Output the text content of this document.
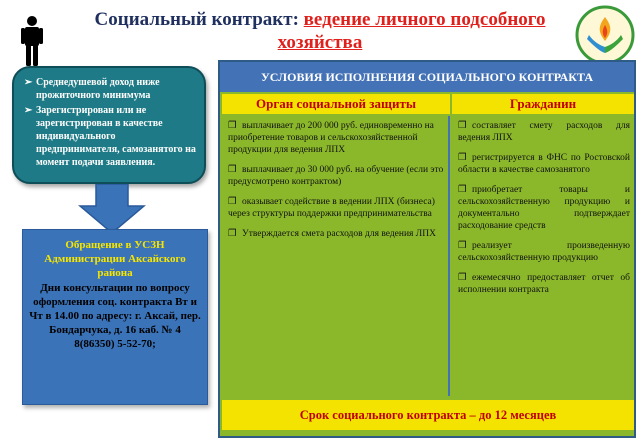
Социальный контракт: ведение личного подсобного хозяйства
➢ Среднедушевой доход ниже прожиточного минимума
➢ Зарегистрирован или не зарегистрирован в качестве индивидуального предпринимателя, самозанятого на момент подачи заявления.
Обращение в УСЗН Администрации Аксайского района
Дни консультации по вопросу оформления соц. контракта Вт и Чт в 14.00 по адресу: г. Аксай, пер. Бондарчука, д. 16 каб. № 4 8(86350) 5-52-70;
УСЛОВИЯ ИСПОЛНЕНИЯ СОЦИАЛЬНОГО КОНТРАКТА
Орган социальной защиты	Гражданин
❒ выплачивает до 200 000 руб. единовременно на приобретение товаров и сельскохозяйственной продукции для ведения ЛПХ
❒ выплачивает до 30 000 руб. на обучение (если это предусмотрено контрактом)
❒ оказывает содействие в ведении ЛПХ (бизнеса) через структуры поддержки предпринимательства
❒ Утверждается смета расходов для ведения ЛПХ
❒ составляет смету расходов для ведения ЛПХ
❒ регистрируется в ФНС по Ростовской области в качестве самозанятого
❒ приобретает товары и сельскохозяйственную продукцию и документально подтверждает расходование средств
❒ реализует произведенную сельскохозяйственную продукцию
❒ ежемесячно предоставляет отчет об исполнении контракта
Срок социального контракта – до 12 месяцев
